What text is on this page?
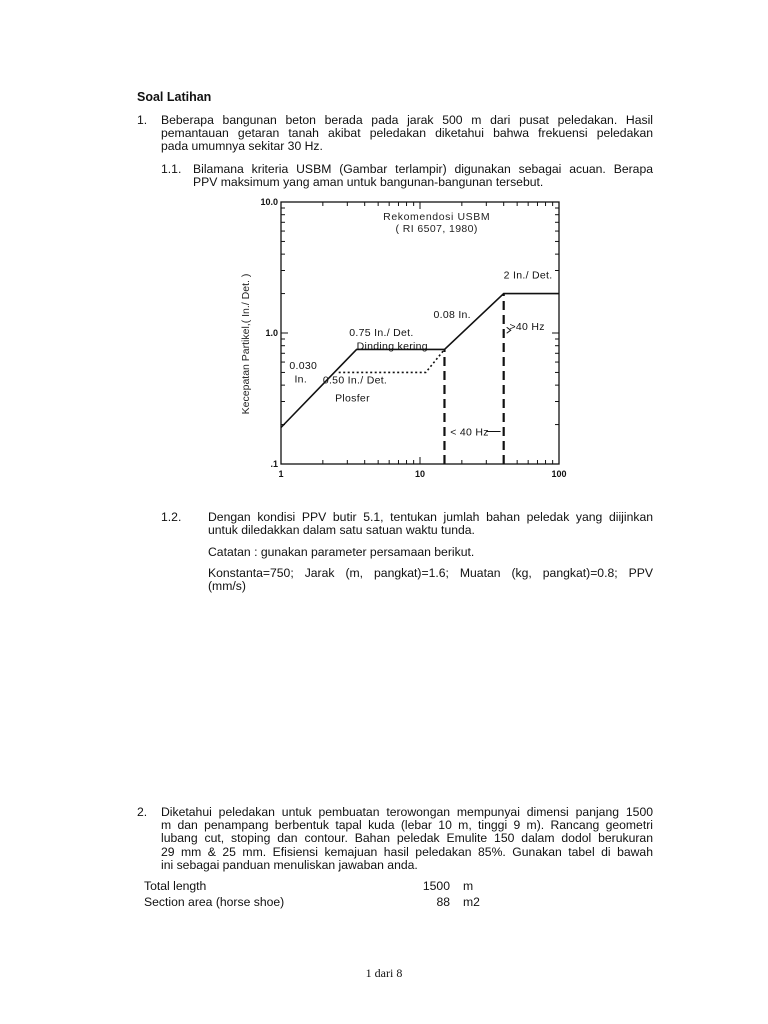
Soal Latihan
1. Beberapa bangunan beton berada pada jarak 500 m dari pusat peledakan. Hasil
pemantauan getaran tanah akibat peledakan diketahui bahwa frekuensi peledakan
pada umumnya sekitar 30 Hz.
1.1. Bilamana kriteria USBM (Gambar terlampir) digunakan sebagai acuan. Berapa
PPV maksimum yang aman untuk bangunan-bangunan tersebut.
Kecepatan Partikel,( In./ Det. )
1	10	100
.1
1.0
10.0
0.030
In.
0.75 In./ Det.
Dinding kering
0.08 In.
0.50 In./ Det.
Plosfer
2 In./ Det.
>40 Hz
< 40 Hz
Rekomendosi USBM
( RI 6507, 1980)
1.2. Dengan kondisi PPV butir 5.1, tentukan jumlah bahan peledak yang diijinkan
untuk diledakkan dalam satu satuan waktu tunda.
Catatan : gunakan parameter persamaan berikut.
Konstanta=750; Jarak (m, pangkat)=1.6; Muatan (kg, pangkat)=0.8; PPV
(mm/s)
2. Diketahui peledakan untuk pembuatan terowongan mempunyai dimensi panjang 1500
m dan penampang berbentuk tapal kuda (lebar 10 m, tinggi 9 m). Rancang geometri
lubang cut, stoping dan contour. Bahan peledak Emulite 150 dalam dodol berukuran
29 mm & 25 mm. Efisiensi kemajuan hasil peledakan 85%. Gunakan tabel di bawah
ini sebagai panduan menuliskan jawaban anda.
Total length	1500 m
Section area (horse shoe)	88 m2
1 dari 8
